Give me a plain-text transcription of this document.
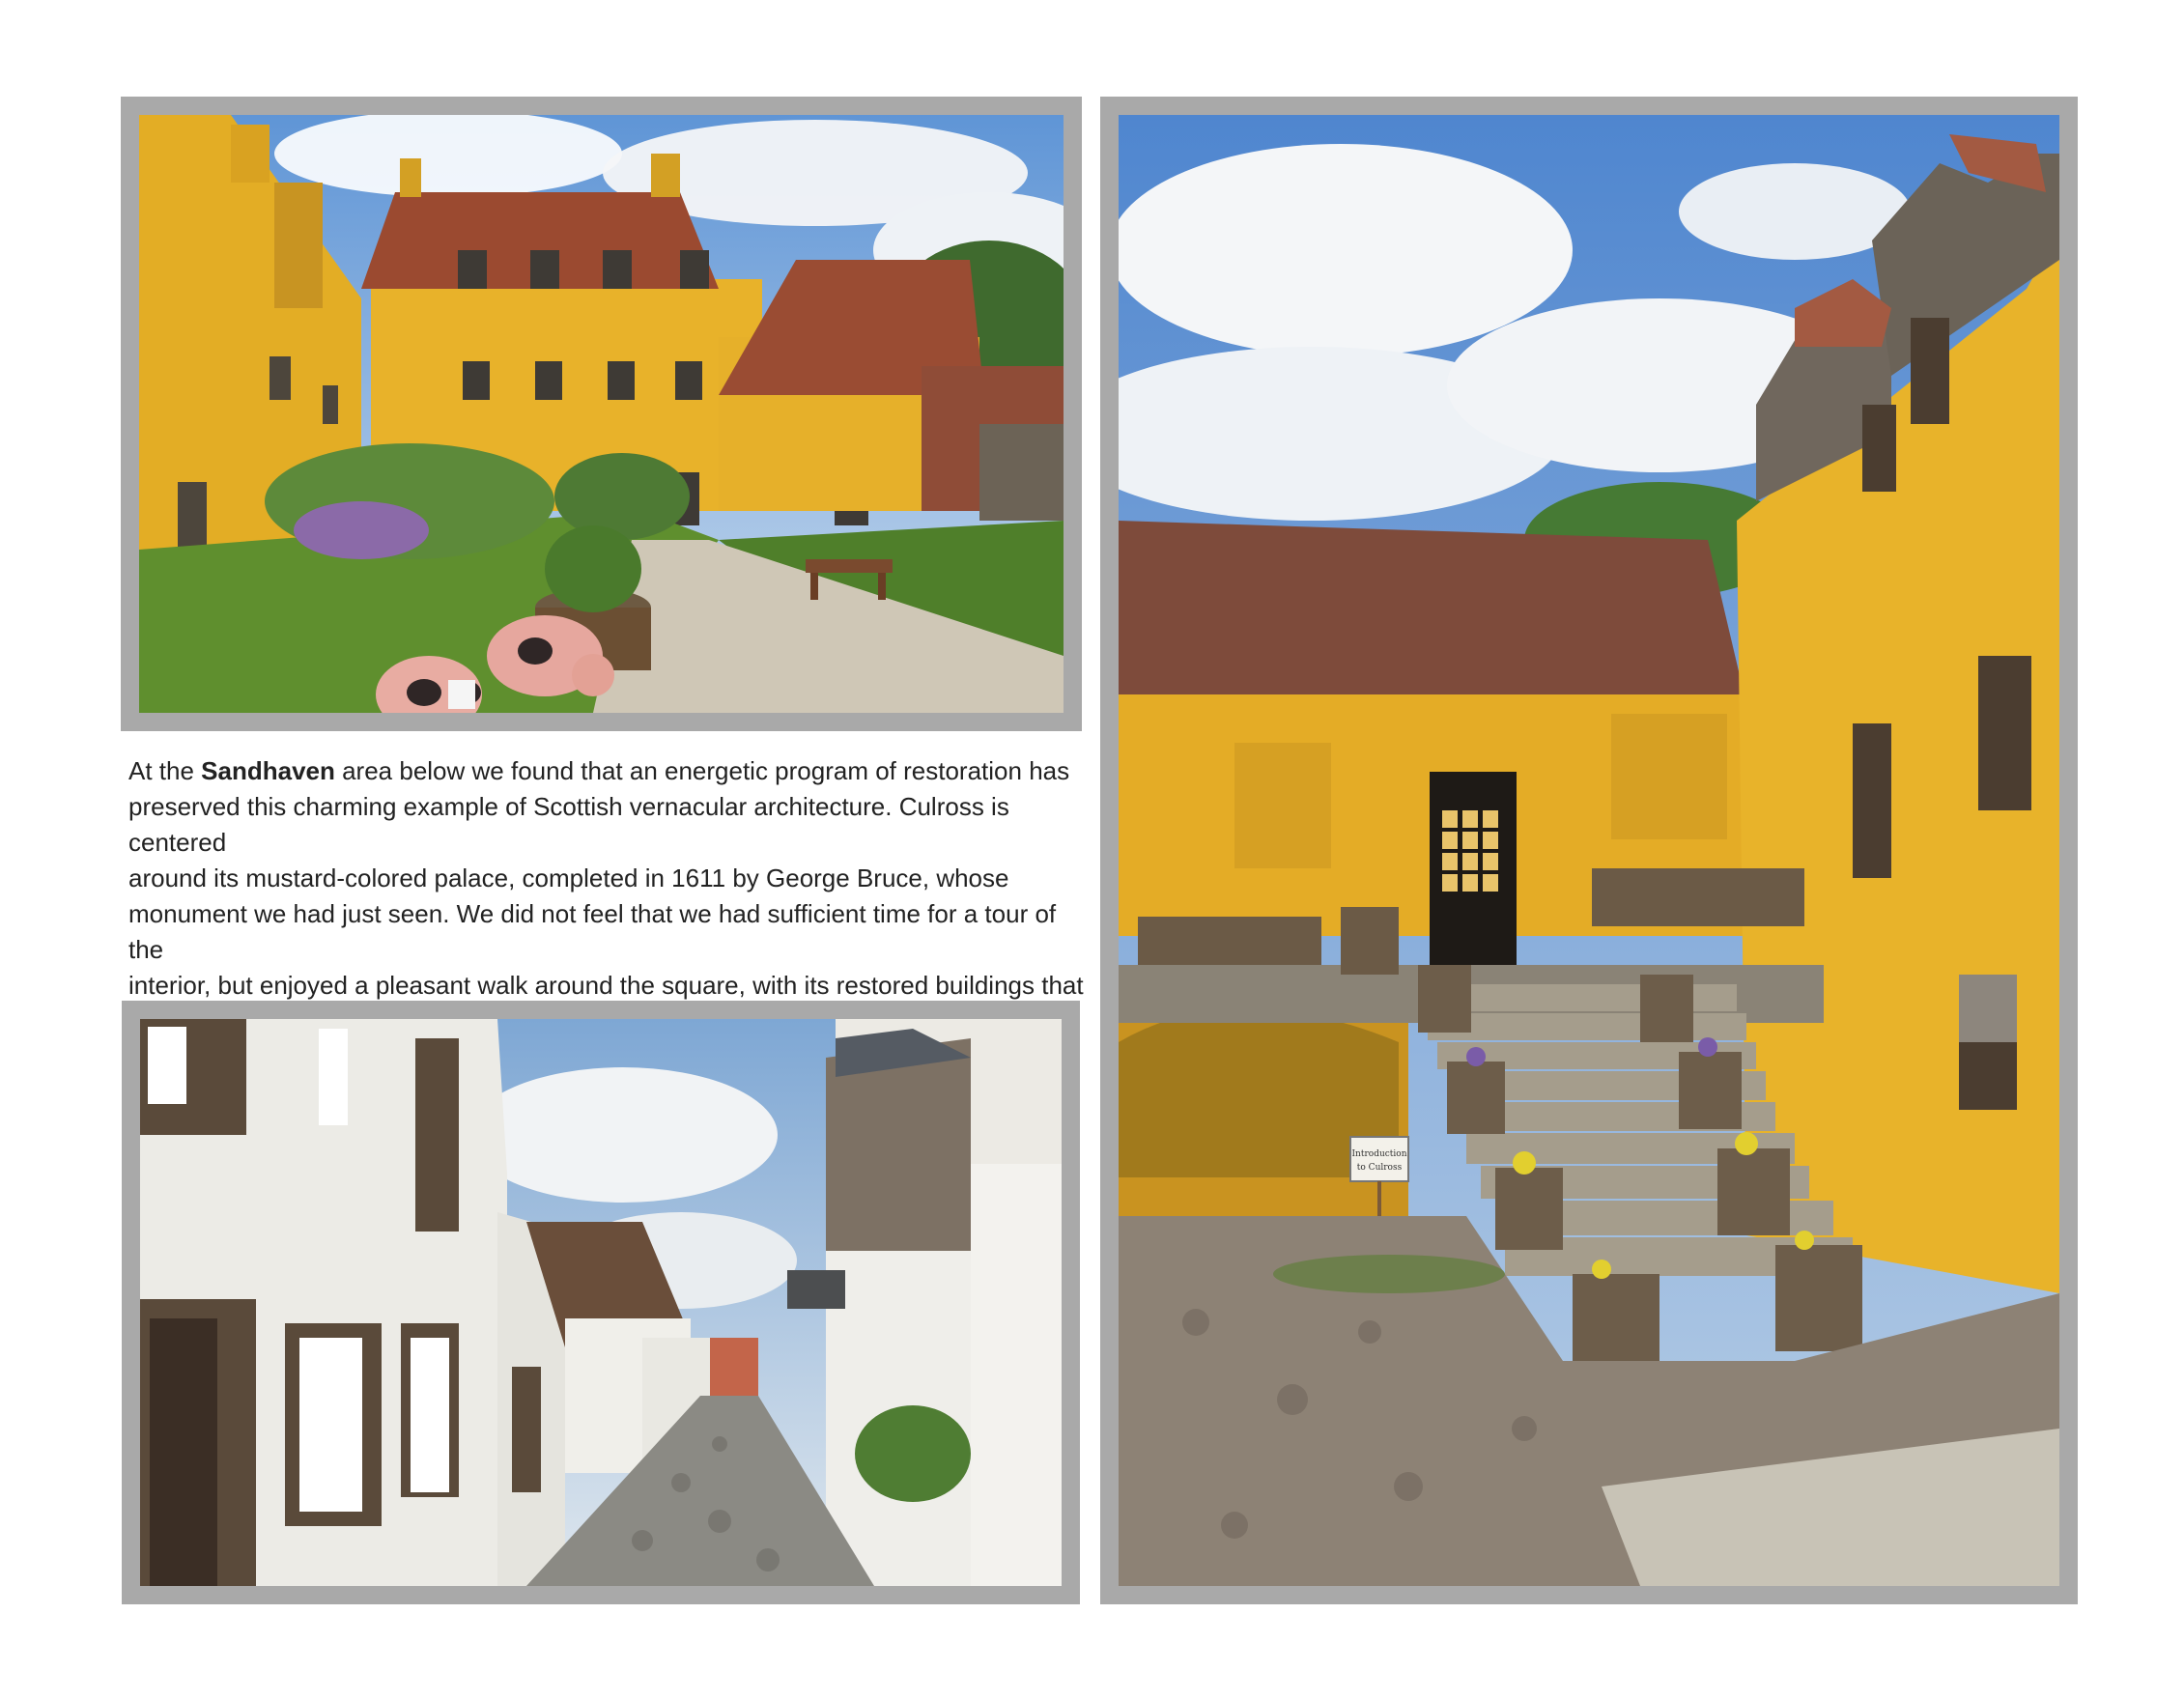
At the Sandhaven area below we found that an energetic program of restoration has
preserved this charming example of Scottish vernacular architecture. Culross is centered
around its mustard-colored palace, completed in 1611 by George Bruce, whose
monument we had just seen. We did not feel that we had sufficient time for a tour of the
interior, but enjoyed a pleasant walk around the square, with its restored buildings that
Introduction
to Culross
